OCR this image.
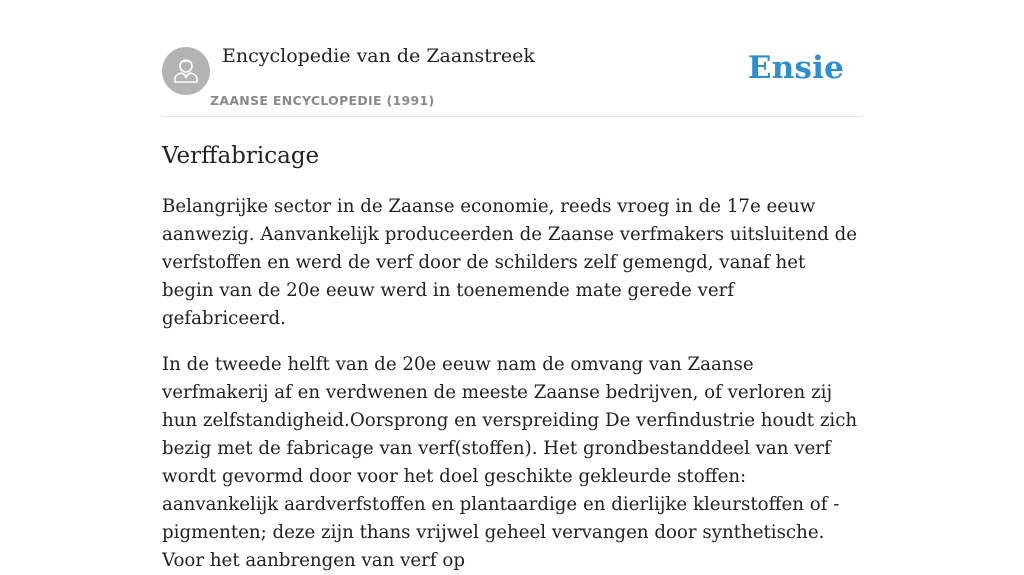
Encyclopedie van de Zaanstreek
ZAANSE ENCYCLOPEDIE (1991)
Ensie
Verffabricage

Belangrijke sector in de Zaanse economie, reeds vroeg in de 17e eeuw aanwezig. Aanvankelijk produceerden de Zaanse verfmakers uitsluitend de verfstoffen en werd de verf door de schilders zelf gemengd, vanaf het begin van de 20e eeuw werd in toenemende mate gerede verf gefabriceerd.

In de tweede helft van de 20e eeuw nam de omvang van Zaanse verfmakerij af en verdwenen de meeste Zaanse bedrijven, of verloren zij hun zelfstandigheid.Oorsprong en verspreiding De verfindustrie houdt zich bezig met de fabricage van verf(stoffen). Het grondbestanddeel van verf wordt gevormd door voor het doel geschikte gekleurde stoffen: aanvankelijk aardverfstoffen en plantaardige en dierlijke kleurstoffen of -pigmenten; deze zijn thans vrijwel geheel vervangen door synthetische. Voor het aanbrengen van verf op
